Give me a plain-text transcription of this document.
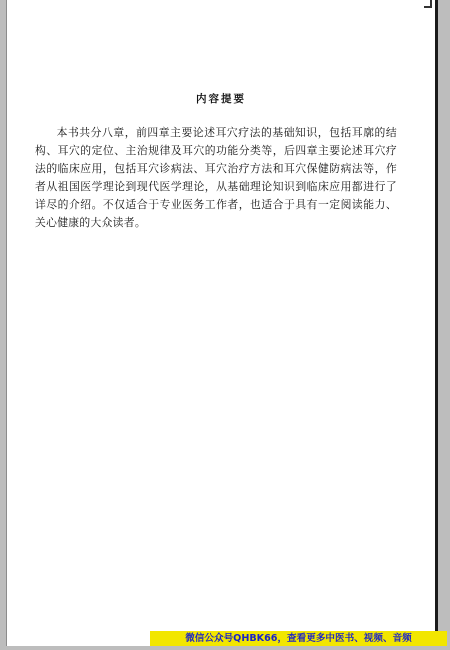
内容提要

本书共分八章，前四章主要论述耳穴疗法的基础知识，包括耳廓的结构、耳穴的定位、主治规律及耳穴的功能分类等，后四章主要论述耳穴疗法的临床应用，包括耳穴诊病法、耳穴治疗方法和耳穴保健防病法等，作者从祖国医学理论到现代医学理论，从基础理论知识到临床应用都进行了详尽的介绍。不仅适合于专业医务工作者，也适合于具有一定阅读能力、关心健康的大众读者。

微信公众号QHBK66，查看更多中医书、视频、音频
